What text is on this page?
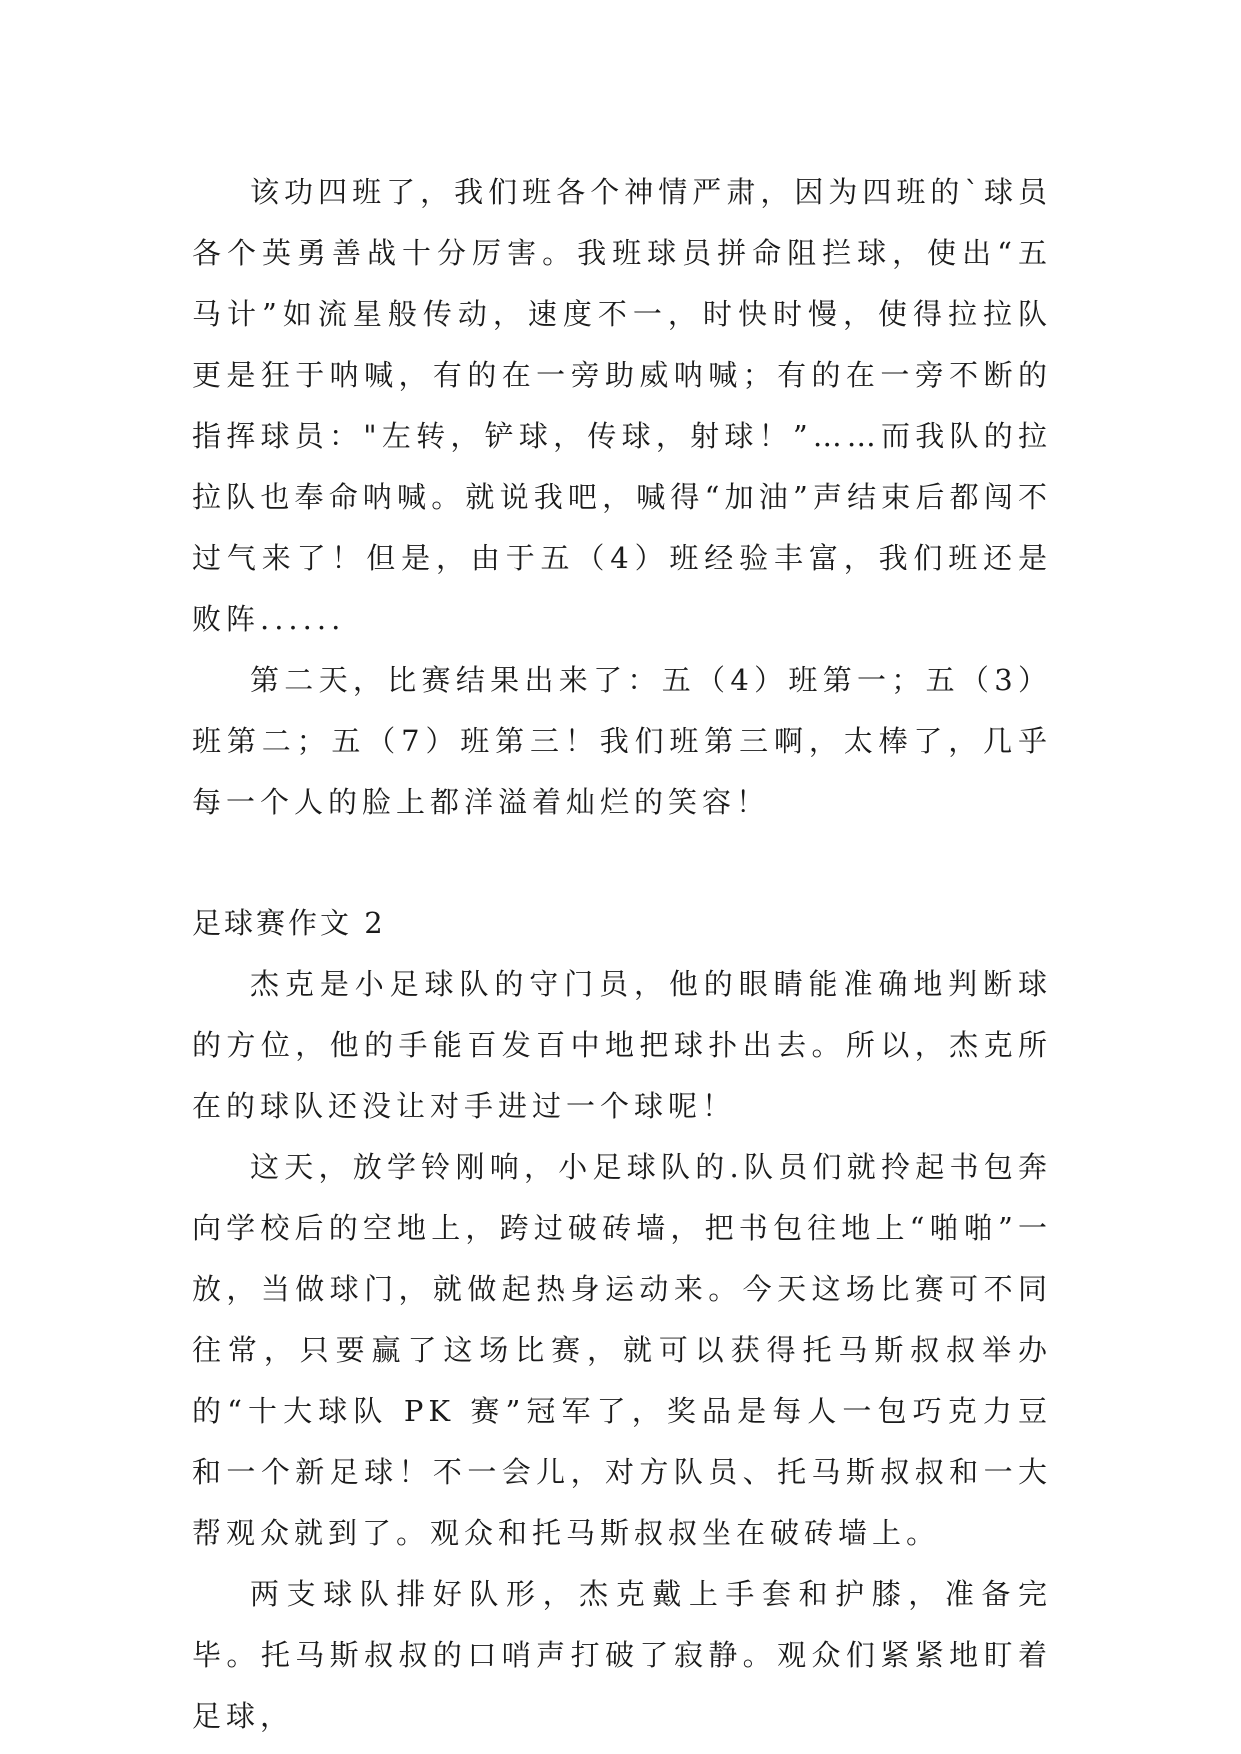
该功四班了，我们班各个神情严肃，因为四班的`球员各个英勇善战十分厉害。我班球员拼命阻拦球，使出“五马计”如流星般传动，速度不一，时快时慢，使得拉拉队更是狂于呐喊，有的在一旁助威呐喊；有的在一旁不断的指挥球员："左转，铲球，传球，射球！”……而我队的拉拉队也奉命呐喊。就说我吧，喊得“加油”声结束后都闯不过气来了！但是，由于五（4）班经验丰富，我们班还是败阵......

第二天，比赛结果出来了：五（4）班第一；五（3）班第二；五（7）班第三！我们班第三啊，太棒了，几乎每一个人的脸上都洋溢着灿烂的笑容！

足球赛作文 2

杰克是小足球队的守门员，他的眼睛能准确地判断球的方位，他的手能百发百中地把球扑出去。所以，杰克所在的球队还没让对手进过一个球呢！

这天，放学铃刚响，小足球队的.队员们就拎起书包奔向学校后的空地上，跨过破砖墙，把书包往地上“啪啪”一放，当做球门，就做起热身运动来。今天这场比赛可不同往常，只要赢了这场比赛，就可以获得托马斯叔叔举办的“十大球队 PK 赛”冠军了，奖品是每人一包巧克力豆和一个新足球！不一会儿，对方队员、托马斯叔叔和一大帮观众就到了。观众和托马斯叔叔坐在破砖墙上。

两支球队排好队形，杰克戴上手套和护膝，准备完毕。托马斯叔叔的口哨声打破了寂静。观众们紧紧地盯着足球，
